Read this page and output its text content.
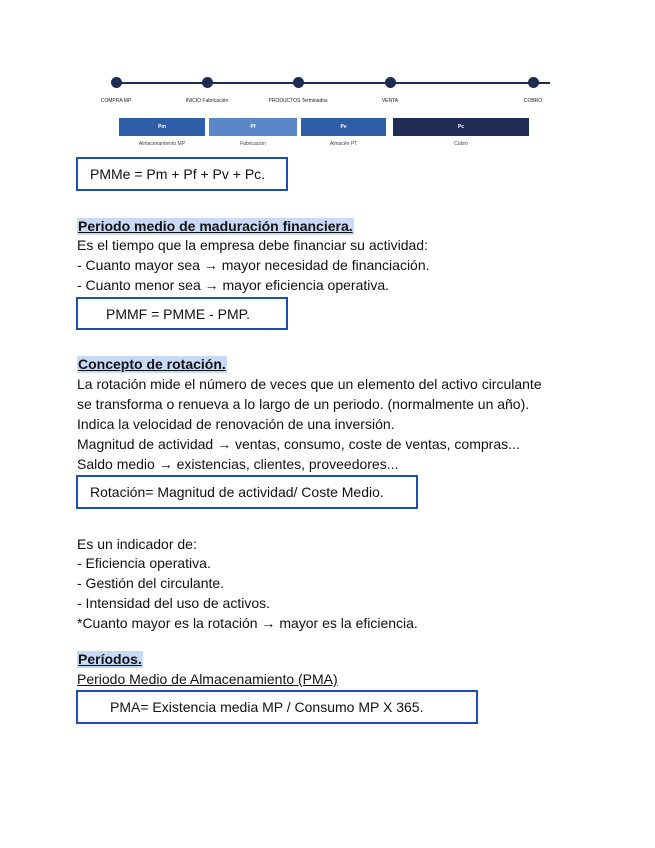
COMPRA MP	INICIO Fabricación	PRODUCTOS Terminados	VENTA	COBRO
Pm	Pf	Pv	Pc
Almacenamiento MP	Fabricación	Almacén PT	Cobro
PMMe = Pm + Pf + Pv + Pc.
Periodo medio de maduración financiera.
Es el tiempo que la empresa debe financiar su actividad:
- Cuanto mayor sea → mayor necesidad de financiación.
- Cuanto menor sea → mayor eficiencia operativa.
PMMF = PMME - PMP.
Concepto de rotación.
La rotación mide el número de veces que un elemento del activo circulante
se transforma o renueva a lo largo de un periodo. (normalmente un año).
Indica la velocidad de renovación de una inversión.
Magnitud de actividad → ventas, consumo, coste de ventas, compras...
Saldo medio → existencias, clientes, proveedores...
Rotación= Magnitud de actividad/ Coste Medio.
Es un indicador de:
- Eficiencia operativa.
- Gestión del circulante.
- Intensidad del uso de activos.
*Cuanto mayor es la rotación → mayor es la eficiencia.
Períodos.
Periodo Medio de Almacenamiento (PMA)
PMA= Existencia media MP / Consumo MP X 365.
